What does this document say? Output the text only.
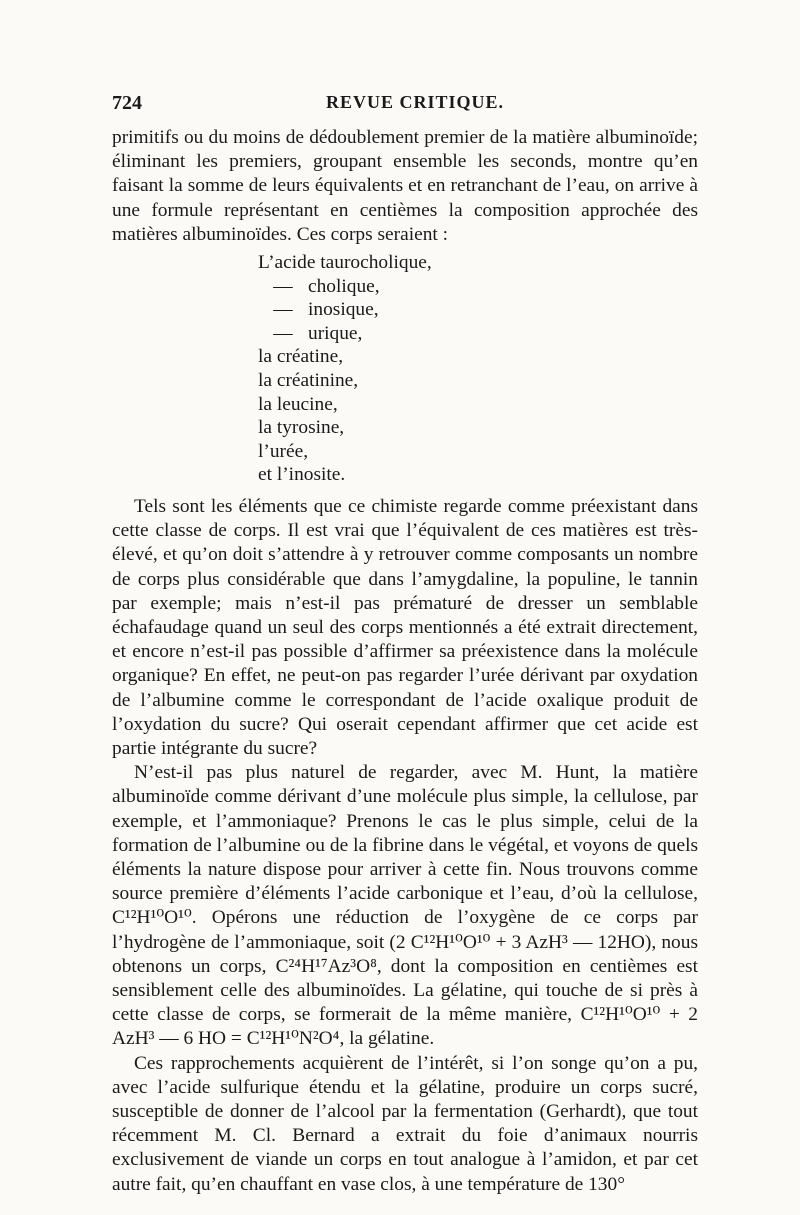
724	REVUE CRITIQUE.

primitifs ou du moins de dédoublement premier de la matière albuminoïde; éliminant les premiers, groupant ensemble les seconds, montre qu’en faisant la somme de leurs équivalents et en retranchant de l’eau, on arrive à une formule représentant en centièmes la composition approchée des matières albuminoïdes. Ces corps seraient :

L’acide taurocholique,
— cholique,
— inosique,
— urique,
la créatine,
la créatinine,
la leucine,
la tyrosine,
l’urée,
et l’inosite.

Tels sont les éléments que ce chimiste regarde comme préexistant dans cette classe de corps. Il est vrai que l’équivalent de ces matières est très-élevé, et qu’on doit s’attendre à y retrouver comme composants un nombre de corps plus considérable que dans l’amygdaline, la populine, le tannin par exemple; mais n’est-il pas prématuré de dresser un semblable échafaudage quand un seul des corps mentionnés a été extrait directement, et encore n’est-il pas possible d’affirmer sa préexistence dans la molécule organique? En effet, ne peut-on pas regarder l’urée dérivant par oxydation de l’albumine comme le correspondant de l’acide oxalique produit de l’oxydation du sucre? Qui oserait cependant affirmer que cet acide est partie intégrante du sucre?

N’est-il pas plus naturel de regarder, avec M. Hunt, la matière albuminoïde comme dérivant d’une molécule plus simple, la cellulose, par exemple, et l’ammoniaque? Prenons le cas le plus simple, celui de la formation de l’albumine ou de la fibrine dans le végétal, et voyons de quels éléments la nature dispose pour arriver à cette fin. Nous trouvons comme source première d’éléments l’acide carbonique et l’eau, d’où la cellulose, C¹²H¹⁰O¹⁰. Opérons une réduction de l’oxygène de ce corps par l’hydrogène de l’ammoniaque, soit (2 C¹²H¹⁰O¹⁰ + 3 AzH³ — 12HO), nous obtenons un corps, C²⁴H¹⁷Az³O⁸, dont la composition en centièmes est sensiblement celle des albuminoïdes. La gélatine, qui touche de si près à cette classe de corps, se formerait de la même manière, C¹²H¹⁰O¹⁰ + 2 AzH³ — 6 HO = C¹²H¹⁰N²O⁴, la gélatine.

Ces rapprochements acquièrent de l’intérêt, si l’on songe qu’on a pu, avec l’acide sulfurique étendu et la gélatine, produire un corps sucré, susceptible de donner de l’alcool par la fermentation (Gerhardt), que tout récemment M. Cl. Bernard a extrait du foie d’animaux nourris exclusivement de viande un corps en tout analogue à l’amidon, et par cet autre fait, qu’en chauffant en vase clos, à une température de 130°
